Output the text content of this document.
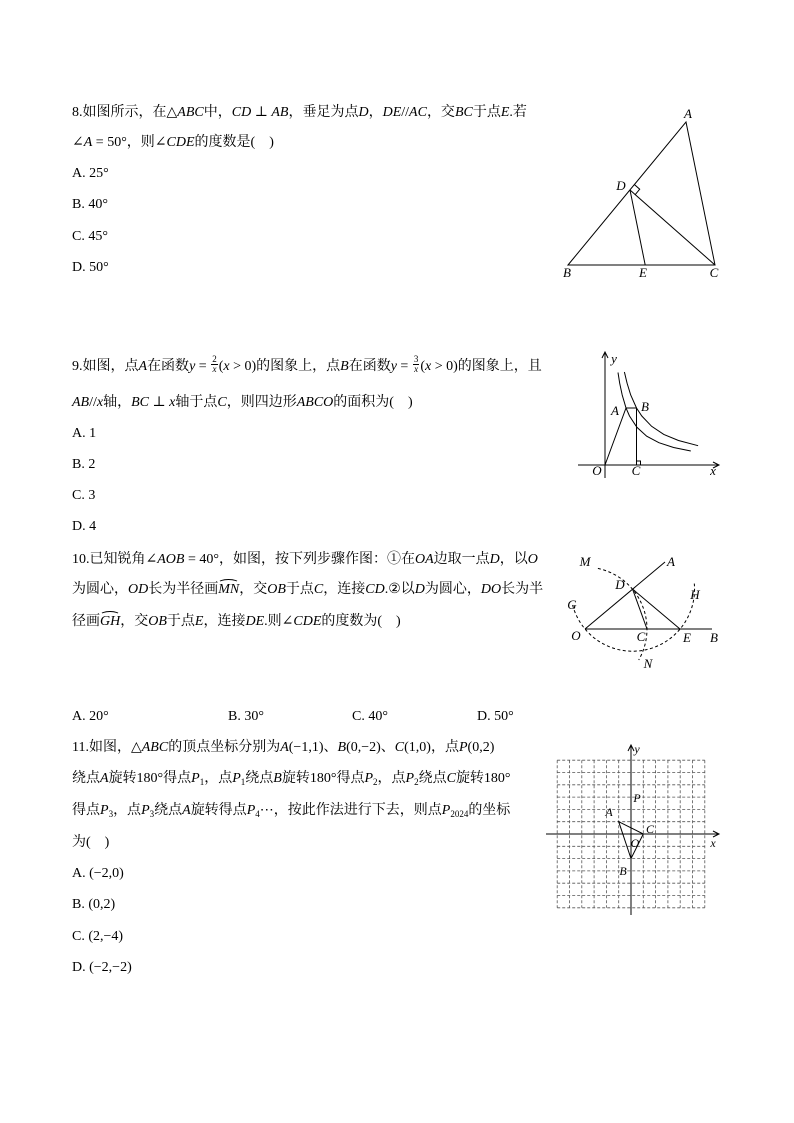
8.如图所示，在△ABC中，CD ⊥ AB，垂足为点D，DE//AC，交BC于点E.若
∠A = 50°，则∠CDE的度数是(　)
A. 25°
B. 40°
C. 45°
D. 50°
A
D
B	E	C
9.如图，点A在函数$y = \frac{2}{x} (x > 0)$的图象上，点B在函数$y = \frac{3}{x} (x > 0)$的图象上，且
AB//x轴，BC ⊥ x轴于点C，则四边形ABCO的面积为(　)
A. 1
B. 2
C. 3
D. 4
y
x
O
A B
C
10.已知锐角∠AOB = 40°，如图，按下列步骤作图：①在OA边取一点D，以O
为圆心，OD长为半径画MN，交OB于点C，连接CD.②以D为圆心，DO长为半
径画GH，交OB于点E，连接DE.则∠CDE的度数为(　)
A. 20°	B. 30°	C. 40°	D. 50°
M	A
D
G
H
O	C	E B
N
11.如图，△ABC的顶点坐标分别为A(−1,1)、B(0,−2)、C(1,0)，点P(0,2)
绕点A旋转180°得点$P_1$，点$P_1$绕点B旋转180°得点$P_2$，点$P_2$绕点C旋转180°
得点$P_3$，点$P_3$绕点A旋转得点$P_4\cdots$，按此作法进行下去，则点$P_{2024}$的坐标
为(　)
A. (−2,0)
B. (0,2)
C. (2,−4)
D. (−2,−2)
y
x
A
P
C
O
B
